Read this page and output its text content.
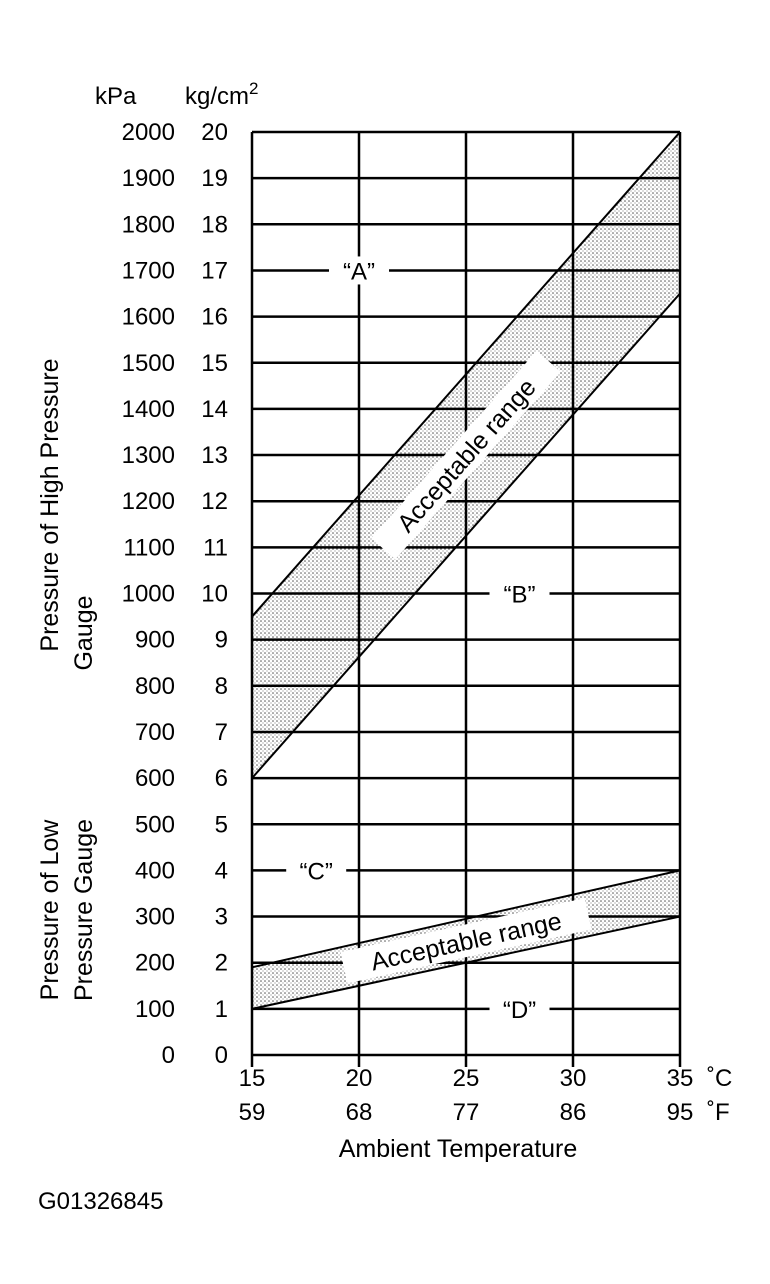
0 0
100 1
200 2
300 3
400 4
500 5
600 6
700 7
800 8
900 9
1000 10
1100 11
1200 12
1300 13
1400 14
1500 15
1600 16
1700 17
1800 18
1900 19
2000 20
15
59
20
68
25
77
30
86
35
95
Acceptable range
Acceptable range
“A”
“B”
“C”
“D”
kPa $kg/cm^2$
˚C
˚F
Ambient Temperature
Pressure of High Pressure Gauge
Pressure of Low Pressure Gauge
G01326845
